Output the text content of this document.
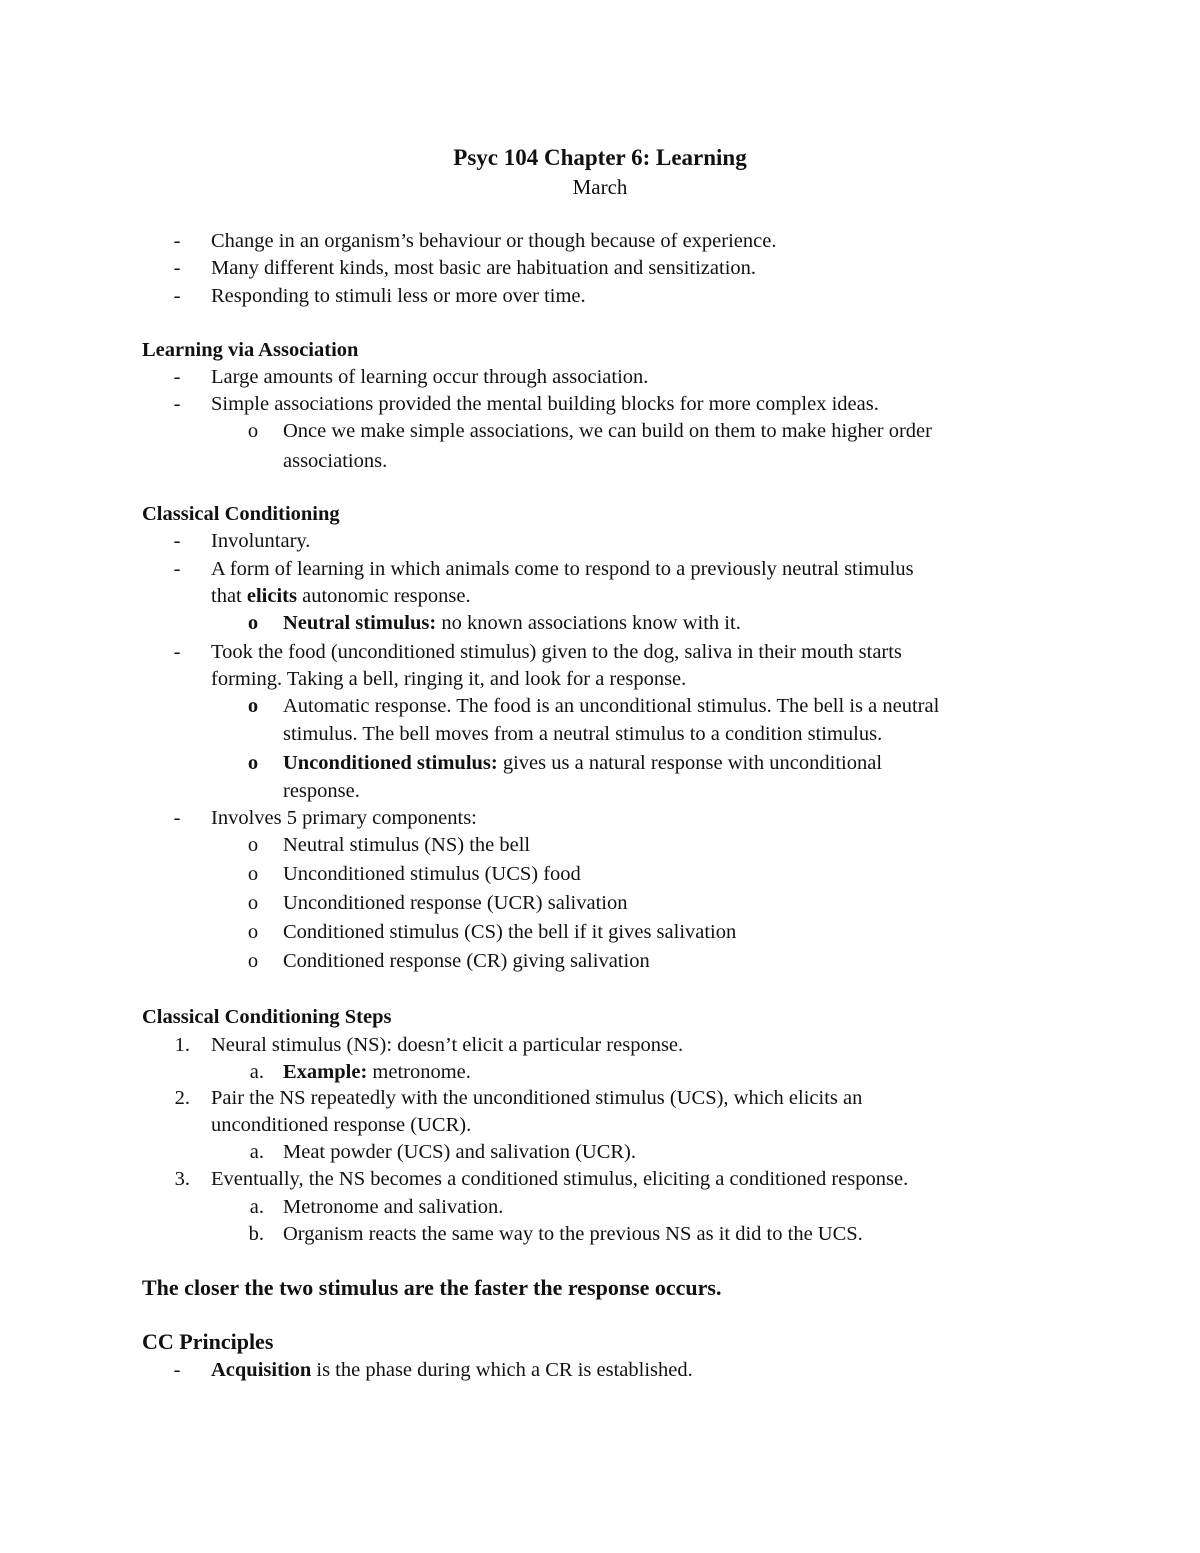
Psyc 104 Chapter 6: Learning
March
- Change in an organism’s behaviour or though because of experience.
- Many different kinds, most basic are habituation and sensitization.
- Responding to stimuli less or more over time.
Learning via Association
- Large amounts of learning occur through association.
- Simple associations provided the mental building blocks for more complex ideas.
o Once we make simple associations, we can build on them to make higher order
associations.
Classical Conditioning
- Involuntary.
- A form of learning in which animals come to respond to a previously neutral stimulus
that elicits autonomic response.
o Neutral stimulus: no known associations know with it.
- Took the food (unconditioned stimulus) given to the dog, saliva in their mouth starts
forming. Taking a bell, ringing it, and look for a response.
o Automatic response. The food is an unconditional stimulus. The bell is a neutral
stimulus. The bell moves from a neutral stimulus to a condition stimulus.
o Unconditioned stimulus: gives us a natural response with unconditional
response.
- Involves 5 primary components:
o Neutral stimulus (NS) the bell
o Unconditioned stimulus (UCS) food
o Unconditioned response (UCR) salivation
o Conditioned stimulus (CS) the bell if it gives salivation
o Conditioned response (CR) giving salivation
Classical Conditioning Steps
1. Neural stimulus (NS): doesn’t elicit a particular response.
a. Example: metronome.
2. Pair the NS repeatedly with the unconditioned stimulus (UCS), which elicits an
unconditioned response (UCR).
a. Meat powder (UCS) and salivation (UCR).
3. Eventually, the NS becomes a conditioned stimulus, eliciting a conditioned response.
a. Metronome and salivation.
b. Organism reacts the same way to the previous NS as it did to the UCS.
The closer the two stimulus are the faster the response occurs.
CC Principles
- Acquisition is the phase during which a CR is established.
